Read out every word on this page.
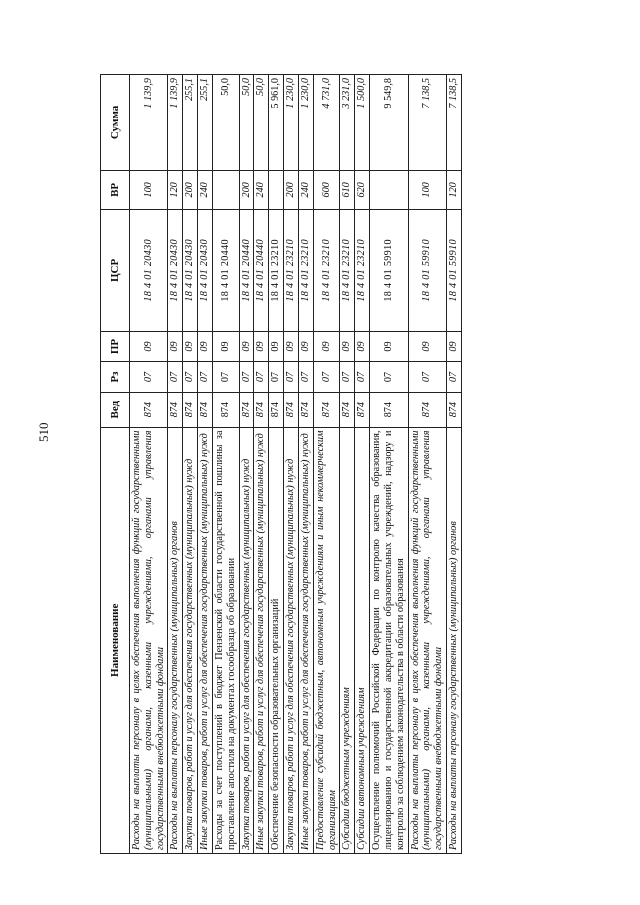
510
Наименование	Вед	Рз	ПР	ЦСР	ВР	Сумма
Расходы на выплаты персоналу в целях обеспечения выполнения функций государственными (муниципальными) органами, казенными учреждениями, органами управления государственными внебюджетными фондами	874	07	09	18 4 01 20430	100	1 139,9
Расходы на выплаты персоналу государственных (муниципальных) органов	874	07	09	18 4 01 20430	120	1 139,9
Закупка товаров, работ и услуг для обеспечения государственных (муниципальных) нужд	874	07	09	18 4 01 20430	200	255,1
Иные закупки товаров, работ и услуг для обеспечения государственных (муниципальных) нужд	874	07	09	18 4 01 20430	240	255,1
Расходы за счет поступлений в бюджет Пензенской области государственной пошлины за проставление апостиля на документах госообразца об образовании	874	07	09	18 4 01 20440		50,0
Закупка товаров, работ и услуг для обеспечения государственных (муниципальных) нужд	874	07	09	18 4 01 20440	200	50,0
Иные закупки товаров, работ и услуг для обеспечения государственных (муниципальных) нужд	874	07	09	18 4 01 20440	240	50,0
Обеспечение безопасности образовательных организаций	874	07	09	18 4 01 23210		5 961,0
Закупка товаров, работ и услуг для обеспечения государственных (муниципальных) нужд	874	07	09	18 4 01 23210	200	1 230,0
Иные закупки товаров, работ и услуг для обеспечения государственных (муниципальных) нужд	874	07	09	18 4 01 23210	240	1 230,0
Предоставление субсидий бюджетным, автономным учреждениям и иным некоммерческим организациям	874	07	09	18 4 01 23210	600	4 731,0
Субсидии бюджетным учреждениям	874	07	09	18 4 01 23210	610	3 231,0
Субсидии автономным учреждениям	874	07	09	18 4 01 23210	620	1 500,0
Осуществление полномочий Российской Федерации по контролю качества образования, лицензированию и государственной аккредитации образовательных учреждений, надзору и контролю за соблюдением законодательства в области образования	874	07	09	18 4 01 59910		9 549,8
Расходы на выплаты персоналу в целях обеспечения выполнения функций государственными (муниципальными) органами, казенными учреждениями, органами управления государственными внебюджетными фондами	874	07	09	18 4 01 59910	100	7 138,5
Расходы на выплаты персоналу государственных (муниципальных) органов	874	07	09	18 4 01 59910	120	7 138,5
